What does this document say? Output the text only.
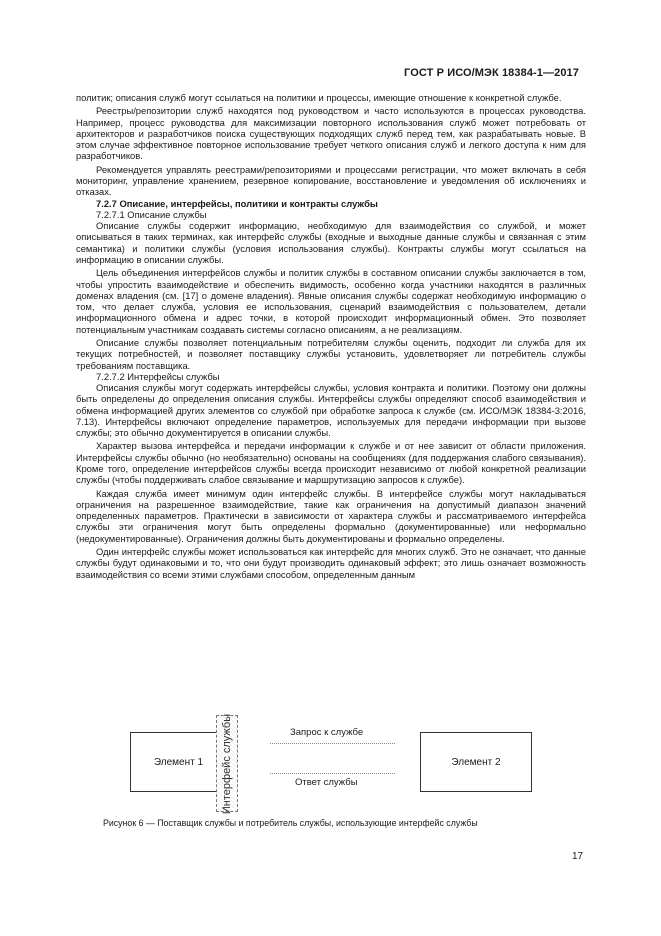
ГОСТ Р ИСО/МЭК 18384-1—2017

политик; описания служб могут ссылаться на политики и процессы, имеющие отношение к конкретной службе.

Реестры/репозитории служб находятся под руководством и часто используются в процессах руководства. Например, процесс руководства для максимизации повторного использования служб может потребовать от архитекторов и разработчиков поиска существующих подходящих служб перед тем, как разрабатывать новые. В этом случае эффективное повторное использование требует четкого описания служб и легкого доступа к ним для разработчиков.

Рекомендуется управлять реестрами/репозиториями и процессами регистрации, что может включать в себя мониторинг, управление хранением, резервное копирование, восстановление и уведомления об исключениях и отказах.

7.2.7 Описание, интерфейсы, политики и контракты службы

7.2.7.1 Описание службы

Описание службы содержит информацию, необходимую для взаимодействия со службой, и может описываться в таких терминах, как интерфейс службы (входные и выходные данные службы и связанная с этим семантика) и политики службы (условия использования службы). Контракты службы могут ссылаться на информацию в описании службы.

Цель объединения интерфейсов службы и политик службы в составном описании службы заключается в том, чтобы упростить взаимодействие и обеспечить видимость, особенно когда участники находятся в различных доменах владения (см. [17] о домене владения). Явные описания службы содержат необходимую информацию о том, что делает служба, условия ее использования, сценарий взаимодействия с пользователем, детали информационного обмена и адрес точки, в которой происходит информационный обмен. Это позволяет потенциальным участникам создавать системы согласно описаниям, а не реализациям.

Описание службы позволяет потенциальным потребителям службы оценить, подходит ли служба для их текущих потребностей, и позволяет поставщику службы установить, удовлетворяет ли потребитель службы требованиям поставщика.

7.2.7.2 Интерфейсы службы

Описания службы могут содержать интерфейсы службы, условия контракта и политики. Поэтому они должны быть определены до определения описания службы. Интерфейсы службы определяют способ взаимодействия и обмена информацией других элементов со службой при обработке запроса к службе (см. ИСО/МЭК 18384-3:2016, 7.13). Интерфейсы включают определение параметров, используемых для передачи информации при вызове службы; это обычно документируется в описании службы.

Характер вызова интерфейса и передачи информации к службе и от нее зависит от области приложения. Интерфейсы службы обычно (но необязательно) основаны на сообщениях (для поддержания слабого связывания). Кроме того, определение интерфейсов службы всегда происходит независимо от любой конкретной реализации службы (чтобы поддерживать слабое связывание и маршрутизацию запросов к службе).

Каждая служба имеет минимум один интерфейс службы. В интерфейсе службы могут накладываться ограничения на разрешенное взаимодействие, такие как ограничения на допустимый диапазон значений определенных параметров. Практически в зависимости от характера службы и рассматриваемого интерфейса службы эти ограничения могут быть определены формально (документированные) или неформально (недокументированные). Ограничения должны быть документированы и формально определены.

Один интерфейс службы может использоваться как интерфейс для многих служб. Это не означает, что данные службы будут одинаковыми и то, что они будут производить одинаковый эффект; это лишь означает возможность взаимодействия со всеми этими службами способом, определенным данным

Элемент 1 Интерфейс службы	Запрос к службе
Ответ службы
Элемент 2
Рисунок 6 — Поставщик службы и потребитель службы, использующие интерфейс службы
17
